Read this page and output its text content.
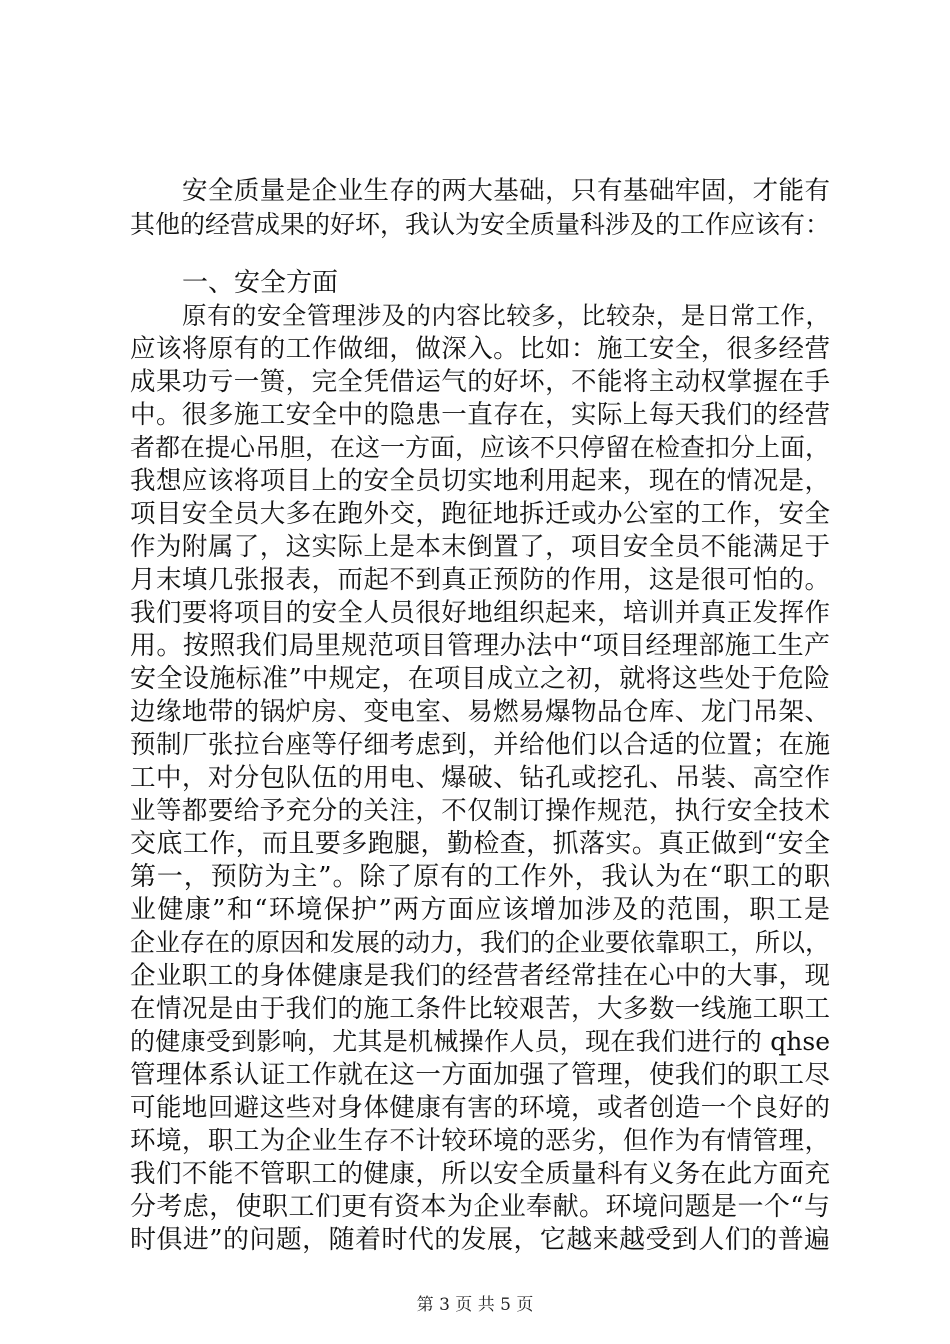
安全质量是企业生存的两大基础，只有基础牢固，才能有
其他的经营成果的好坏，我认为安全质量科涉及的工作应该有：
一、安全方面
原有的安全管理涉及的内容比较多，比较杂，是日常工作，
应该将原有的工作做细，做深入。比如：施工安全，很多经营
成果功亏一篑，完全凭借运气的好坏，不能将主动权掌握在手
中。很多施工安全中的隐患一直存在，实际上每天我们的经营
者都在提心吊胆，在这一方面，应该不只停留在检查扣分上面，
我想应该将项目上的安全员切实地利用起来，现在的情况是，
项目安全员大多在跑外交，跑征地拆迁或办公室的工作，安全
作为附属了，这实际上是本末倒置了，项目安全员不能满足于
月末填几张报表，而起不到真正预防的作用，这是很可怕的。
我们要将项目的安全人员很好地组织起来，培训并真正发挥作
用。按照我们局里规范项目管理办法中“项目经理部施工生产
安全设施标准”中规定，在项目成立之初，就将这些处于危险
边缘地带的锅炉房、变电室、易燃易爆物品仓库、龙门吊架、
预制厂张拉台座等仔细考虑到，并给他们以合适的位置；在施
工中，对分包队伍的用电、爆破、钻孔或挖孔、吊装、高空作
业等都要给予充分的关注，不仅制订操作规范，执行安全技术
交底工作，而且要多跑腿，勤检查，抓落实。真正做到“安全
第一，预防为主”。除了原有的工作外，我认为在“职工的职
业健康”和“环境保护”两方面应该增加涉及的范围，职工是
企业存在的原因和发展的动力，我们的企业要依靠职工，所以，
企业职工的身体健康是我们的经营者经常挂在心中的大事，现
在情况是由于我们的施工条件比较艰苦，大多数一线施工职工
的健康受到影响，尤其是机械操作人员，现在我们进行的 qhse
管理体系认证工作就在这一方面加强了管理，使我们的职工尽
可能地回避这些对身体健康有害的环境，或者创造一个良好的
环境，职工为企业生存不计较环境的恶劣，但作为有情管理，
我们不能不管职工的健康，所以安全质量科有义务在此方面充
分考虑，使职工们更有资本为企业奉献。环境问题是一个“与
时俱进”的问题，随着时代的发展，它越来越受到人们的普遍
第 3 页 共 5 页
